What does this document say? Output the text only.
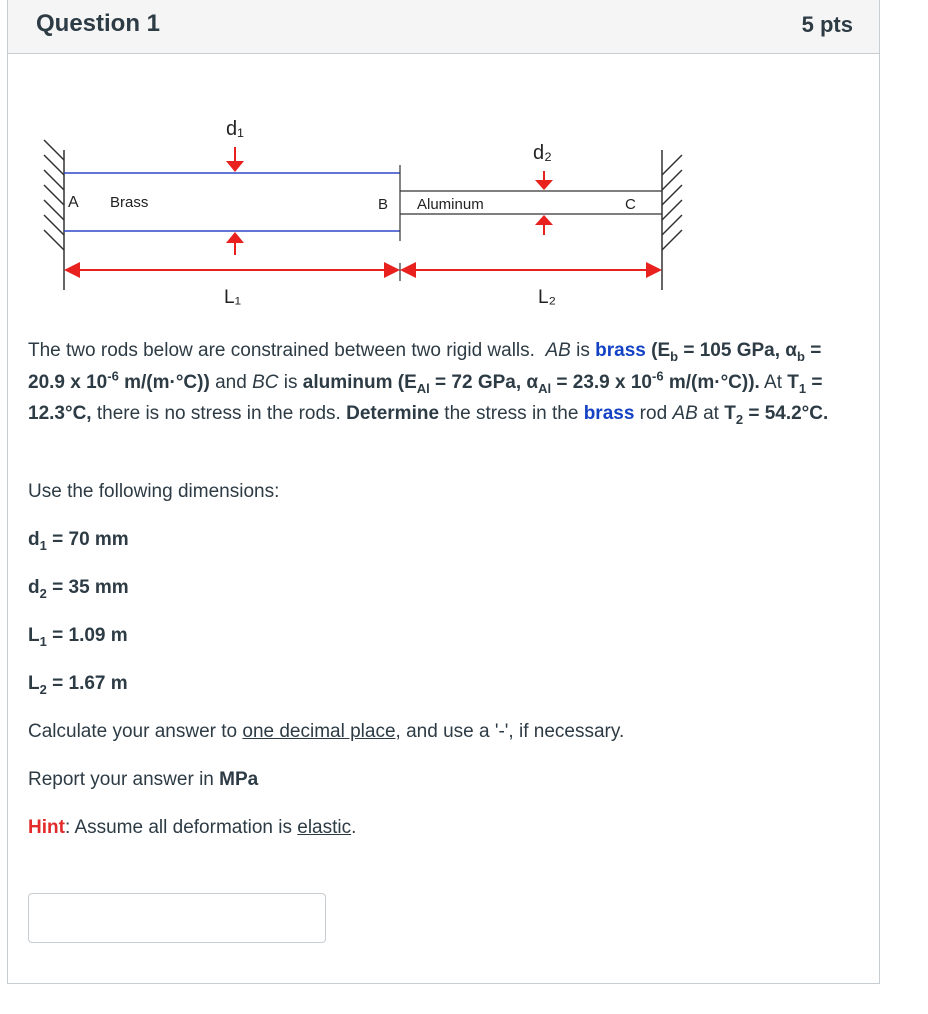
Question 1	5 pts
A Brass	B Aluminum	C
d₁
d₂
L₁	L₂

The two rods below are constrained between two rigid walls. AB is brass ($E_b = 105$ GPa, $\alpha_b = 20.9$ x $10^{-6}$ m/(m·°C)) and BC is aluminum ($E_{Al} = 72$ GPa, $\alpha_{Al} = 23.9$ x $10^{-6}$ m/(m·°C)). At $T_1 = 12.3^\circ C$, there is no stress in the rods. Determine the stress in the brass rod AB at $T_2 = 54.2^\circ C$.

Use the following dimensions:
$d_1 = 70$ mm
$d_2 = 35$ mm
$L_1 = 1.09$ m
$L_2 = 1.67$ m
Calculate your answer to one decimal place, and use a '-', if necessary.
Report your answer in MPa
Hint: Assume all deformation is elastic.
